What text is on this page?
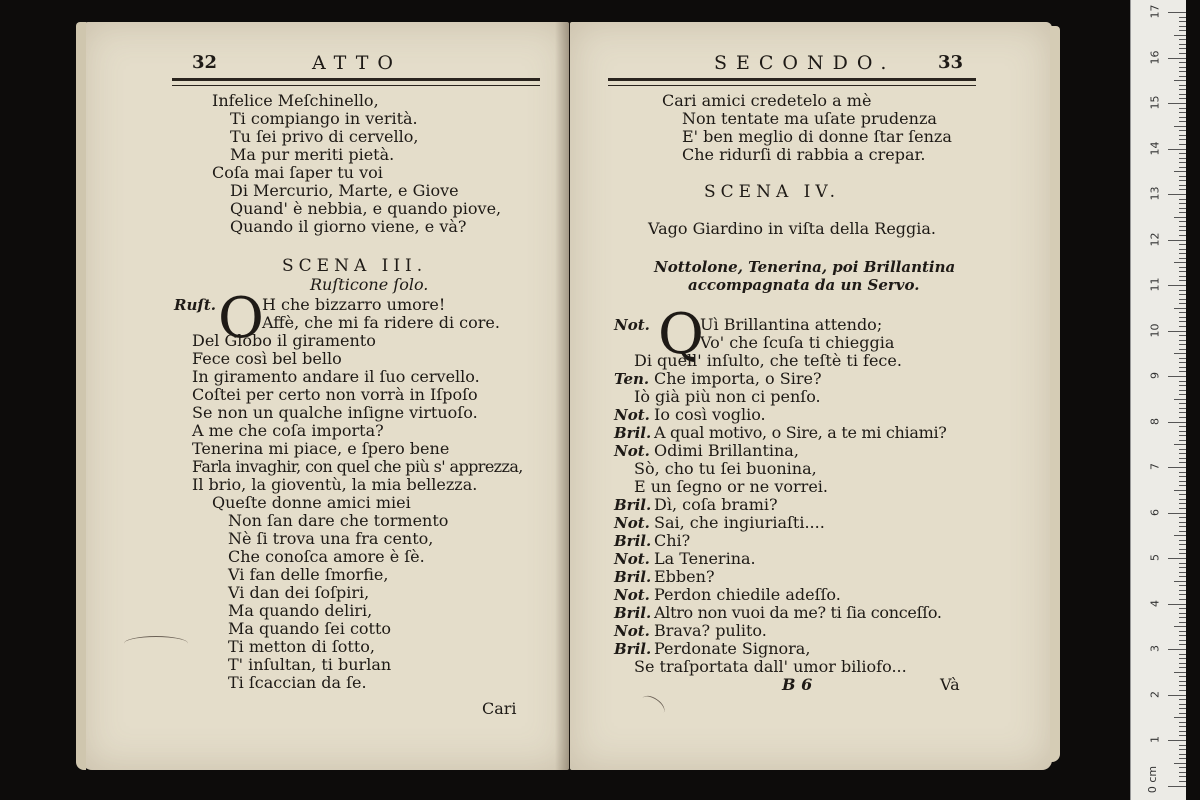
32	ATTO
Infelice Meſchinello,
Ti compiango in verità.
Tu ſei privo di cervello,
Ma pur meriti pietà.
Coſa mai ſaper tu voi
Di Mercurio, Marte, e Giove
Quand' è nebbia, e quando piove,
Quando il giorno viene, e và?
SCENA III.
Ruſticone ſolo.
Ruſt. O
H che bizzarro umore!
Affè, che mi fa ridere di core.
Del Globo il giramento
Fece così bel bello
In giramento andare il ſuo cervello.
Coſtei per certo non vorrà in Iſpoſo
Se non un qualche inſigne virtuoſo.
A me che coſa importa?
Tenerina mi piace, e ſpero bene
Farla invaghir, con quel che più s' apprezza,
Il brio, la gioventù, la mia bellezza.
Queſte donne amici miei
Non ſan dare che tormento
Nè ſi trova una fra cento,
Che conoſca amore è ſè.
Vi fan delle ſmorfie,
Vi dan dei ſoſpiri,
Ma quando deliri,
Ma quando ſei cotto
Ti metton di ſotto,
T' inſultan, ti burlan
Ti ſcaccian da ſe.
Cari
SECONDO. 33
Cari amici credetelo a mè
Non tentate ma uſate prudenza
E' ben meglio di donne ſtar ſenza
Che ridurſi di rabbia a crepar.
SCENA IV.
Vago Giardino in viſta della Reggia.
Nottolone, Tenerina, poi Brillantina
accompagnata da un Servo.
Q
Not.	Uì Brillantina attendo;
Vo' che ſcuſa ti chieggia
Di quell' inſulto, che teſtè ti fece.
Ten. Che importa, o Sire?
Iò già più non ci penſo.
Not. Io così voglio.
Bril. A qual motivo, o Sire, a te mi chiami?
Not. Odimi Brillantina,
Sò, cho tu ſei buonina,
E un ſegno or ne vorrei.
Bril. Dì, coſa brami?
Not. Sai, che ingiuriaſti....
Bril. Chi?
Not. La Tenerina.
Bril. Ebben?
Not. Perdon chiedile adeſſo.
Bril. Altro non vuoi da me? ti ſia conceſſo.
Not. Brava? pulito.
Bril. Perdonate Signora,
Se traſportata dall' umor biliofo...
B 6	Và
17
16
15
14
13
12
11
10
9
8
7
6
5
4
3
2
1
0 cm
